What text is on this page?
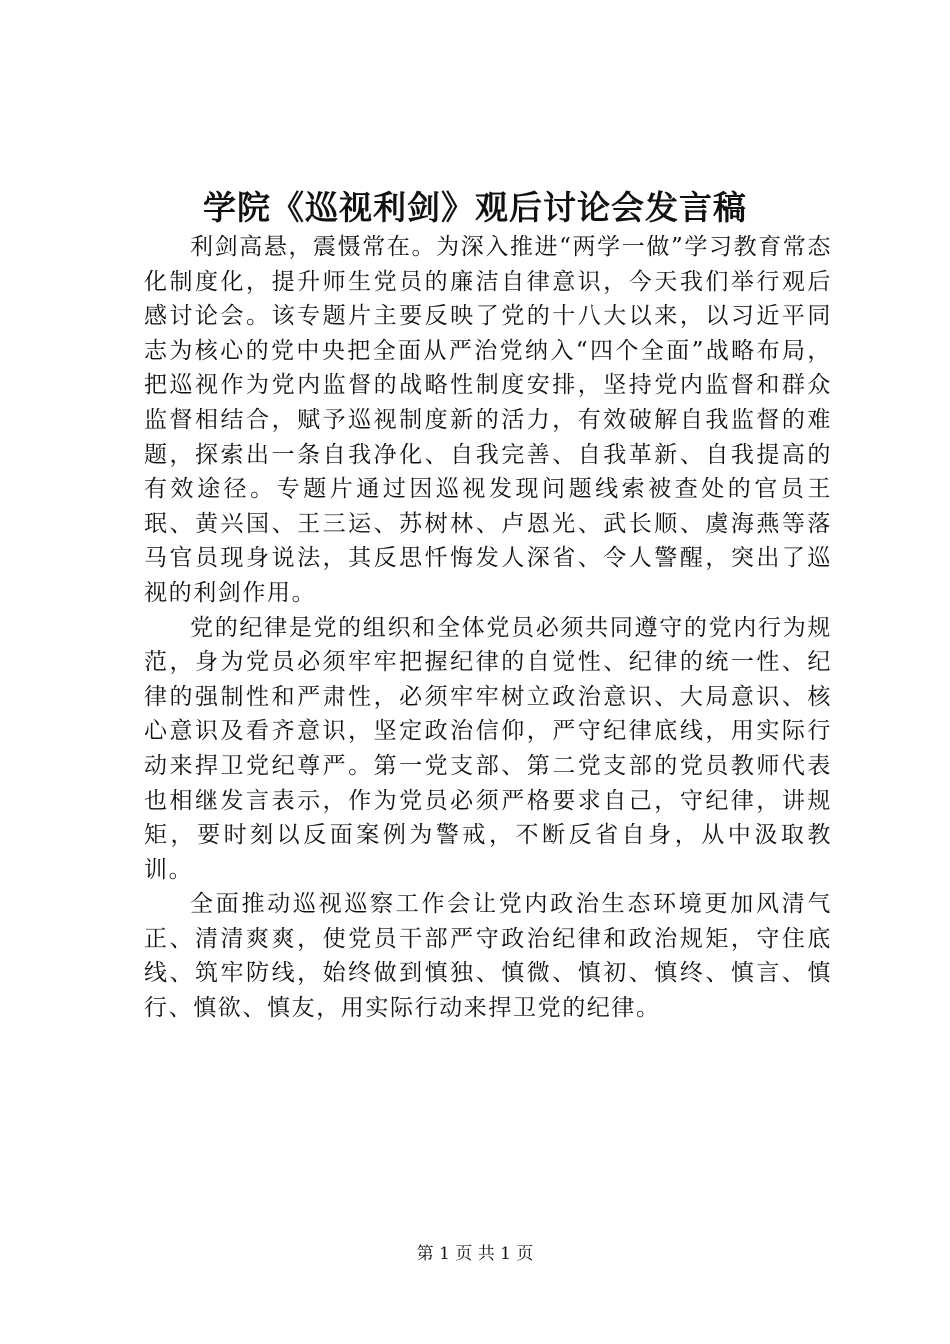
学院《巡视利剑》观后讨论会发言稿

利剑高悬，震慑常在。为深入推进“两学一做”学习教育常态化制度化，提升师生党员的廉洁自律意识，今天我们举行观后感讨论会。该专题片主要反映了党的十八大以来，以习近平同志为核心的党中央把全面从严治党纳入“四个全面”战略布局，把巡视作为党内监督的战略性制度安排，坚持党内监督和群众监督相结合，赋予巡视制度新的活力，有效破解自我监督的难题，探索出一条自我净化、自我完善、自我革新、自我提高的有效途径。专题片通过因巡视发现问题线索被查处的官员王珉、黄兴国、王三运、苏树林、卢恩光、武长顺、虞海燕等落马官员现身说法，其反思忏悔发人深省、令人警醒，突出了巡视的利剑作用。

党的纪律是党的组织和全体党员必须共同遵守的党内行为规范，身为党员必须牢牢把握纪律的自觉性、纪律的统一性、纪律的强制性和严肃性，必须牢牢树立政治意识、大局意识、核心意识及看齐意识，坚定政治信仰，严守纪律底线，用实际行动来捍卫党纪尊严。第一党支部、第二党支部的党员教师代表也相继发言表示，作为党员必须严格要求自己，守纪律，讲规矩，要时刻以反面案例为警戒，不断反省自身，从中汲取教训。

全面推动巡视巡察工作会让党内政治生态环境更加风清气正、清清爽爽，使党员干部严守政治纪律和政治规矩，守住底线、筑牢防线，始终做到慎独、慎微、慎初、慎终、慎言、慎行、慎欲、慎友，用实际行动来捍卫党的纪律。

第 1 页 共 1 页
